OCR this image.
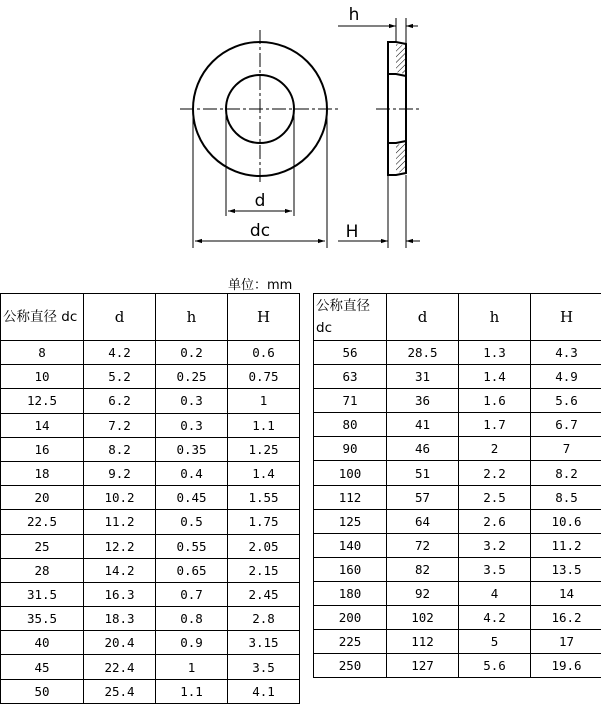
d
dc
h
H
单位：mm
公称直径 dc	d	h	H
8	4.2	0.2	0.6
10	5.2	0.25	0.75
12.5	6.2	0.3	1
14	7.2	0.3	1.1
16	8.2	0.35	1.25
18	9.2	0.4	1.4
20	10.2	0.45	1.55
22.5	11.2	0.5	1.75
25	12.2	0.55	2.05
28	14.2	0.65	2.15
31.5	16.3	0.7	2.45
35.5	18.3	0.8	2.8
40	20.4	0.9	3.15
45	22.4	1	3.5
50	25.4	1.1	4.1
公称直径 dc	d	h	H
56	28.5	1.3	4.3
63	31	1.4	4.9
71	36	1.6	5.6
80	41	1.7	6.7
90	46	2	7
100	51	2.2	8.2
112	57	2.5	8.5
125	64	2.6	10.6
140	72	3.2	11.2
160	82	3.5	13.5
180	92	4	14
200	102	4.2	16.2
225	112	5	17
250	127	5.6	19.6
